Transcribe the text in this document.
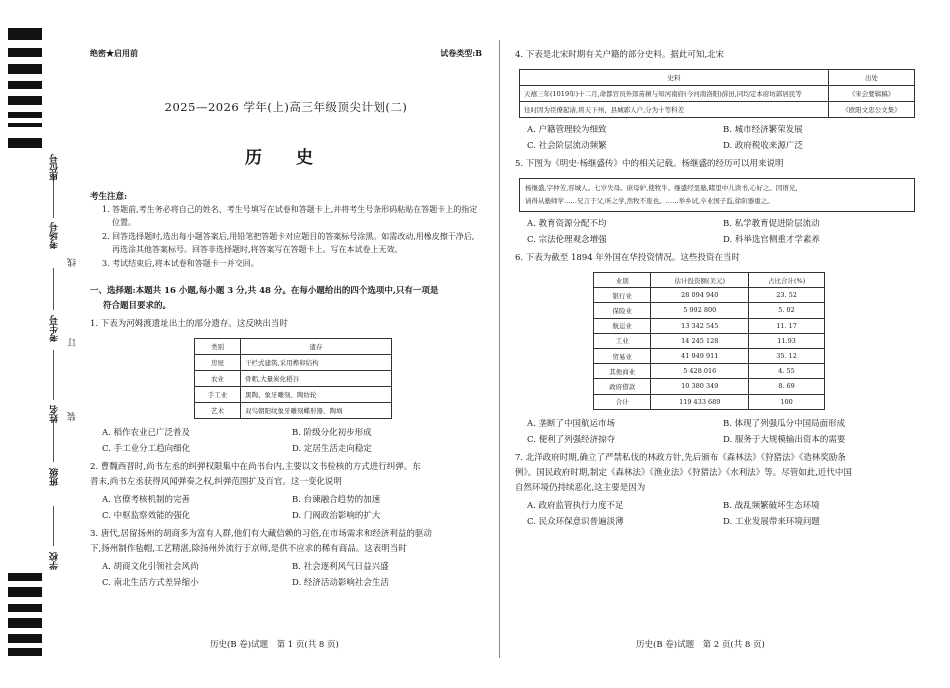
学校
班级
姓名
考生号
考场号
座位号
装
订
线
绝密★启用前	试卷类型:B
2025—2026 学年(上)高三年级顶尖计划(二)
历 史
考生注意:
1. 答题前,考生务必将自己的姓名、考生号填写在试卷和答题卡上,并将考生号条形码粘贴在答题卡上的指定位置。
2. 回答选择题时,选出每小题答案后,用铅笔把答题卡对应题目的答案标号涂黑。如需改动,用橡皮擦干净后,再选涂其他答案标号。回答非选择题时,将答案写在答题卡上。写在本试卷上无效。
3. 考试结束后,将本试卷和答题卡一并交回。
一、选择题:本题共 16 小题,每小题 3 分,共 48 分。在每小题给出的四个选项中,只有一项是
符合题目要求的。
1. 下表为河姆渡遗址出土的部分遗存。这反映出当时
类别	遗存
房屋	干栏式建筑,采用榫卯结构
农业	骨耜,大量炭化稻谷
手工业	黑陶、象牙雕刻、陶纺轮
艺术	双鸟朝阳纹象牙雕刻蝶形器、陶埙
A. 稻作农业已广泛普及	B. 阶级分化初步形成
C. 手工业分工趋向细化	D. 定居生活走向稳定
2. 曹魏西晋时,尚书左丞的纠弹权限集中在尚书台内,主要以文书检核的方式进行纠弹。东
晋末,尚书左丞获得风闻弹奏之权,纠弹范围扩及百官。这一变化说明
A. 官僚考核机制的完善	B. 台谏融合趋势的加速
C. 中枢监察效能的强化	D. 门阀政治影响的扩大
3. 唐代,居留扬州的胡商多为富有人群,他们有大藏信赖的习俗,在市场需求和经济利益的驱动
下,扬州制作毡帽,工艺精湛,除扬州外流行于京师,是供不应求的稀有商品。这表明当时
A. 胡商文化引领社会风尚	B. 社会逐利风气日益兴盛
C. 南北生活方式差异缩小	D. 经济活动影响社会生活
4. 下表是北宋时期有关户籍的部分史料。据此可知,北宋
史料	出处
天禧三年(1019年)十二月,命都官员外郎苗稹与知河南府(今河南洛阳)薛田,同均定本府坊郭居民等	《宋会要辑稿》
往时因为臣僚起请,将天下州、县城郭人户,分为十等科差	《欧阳文忠公文集》
A. 户籍管理较为细致	B. 城市经济繁荣发展
C. 社会阶层流动频繁	D. 政府税收来源广泛
5. 下图为《明史·杨继盛传》中的相关记载。杨继盛的经历可以用来说明
杨继盛,字仲芳,容城人。七岁失母。庶母妒,使牧牛。继盛经里塾,睹里中儿读书,心好之。因语兄,
请得从塾师学……兄言于父,听之学,然牧不废也。……举乡试,卒业国子监,徐阶器重之。
A. 教育资源分配不均	B. 私学教育促进阶层流动
C. 宗法伦理观念增强	D. 科举选官侧重才学素养
6. 下表为截至 1894 年外国在华投资情况。这些投资在当时
业别	估计投资额(美元)	占比合计(%)
银行业	28 094 940	23. 52
保险业	5 992 800	5. 02
航运业	13 342 545	11. 17
工业	14 245 128	11.93
贸易业	41 949 911	35. 12
其他商业	5 428 016	4. 55
政府借款	10 380 349	8. 69
合计	119 433 689	100
A. 垄断了中国航运市场	B. 体现了列强瓜分中国局面形成
C. 便利了列强经济掠夺	D. 服务于大规模输出资本的需要
7. 北洋政府时期,确立了严禁私伐的林政方针,先后颁布《森林法》《狩猎法》《造林奖励条
例》。国民政府时期,制定《森林法》《渔业法》《狩猎法》《水利法》等。尽管如此,近代中国
自然环境仍持续恶化,这主要是因为
A. 政府监管执行力度不足	B. 战乱频繁破坏生态环境
C. 民众环保意识普遍淡薄	D. 工业发展带来环境问题
历史(B 卷)试题　第 1 页(共 8 页)	历史(B 卷)试题　第 2 页(共 8 页)
